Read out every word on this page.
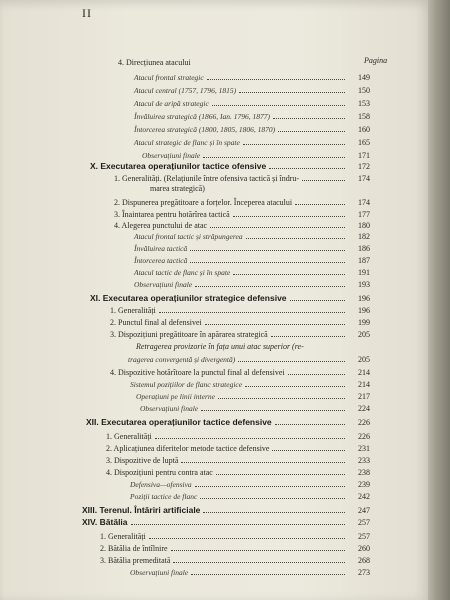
II
Pagina
4. Direcțiunea atacului
Atacul frontal strategic	149
Atacul central (1757, 1796, 1815)	150
Atacul de aripă strategic	153
Învăluirea strategică (1866, Ian. 1796, 1877)	158
Întorcerea strategică (1800, 1805, 1806, 1870)	160
Atacul strategic de flanc și în spate	165
Observațiuni finale	171
X. Executarea operațiunilor tactice ofensive	172
1. Generalități. (Relațiunile între ofensiva tactică și îndru-	174
marea strategică)
2. Dispunerea pregătitoare a forțelor. Începerea atacului	174
3. Înaintarea pentru hotărîrea tactică	177
4. Alegerea punctului de atac	180
Atacul frontal tactic și străpungerea	182
Învăluirea tactică	186
Întorcerea tactică	187
Atacul tactic de flanc și în spate	191
Observațiuni finale	193
XI. Executarea operațiunilor strategice defensive	196
1. Generalități	196
2. Punctul final al defensivei	199
3. Dispozițiuni pregătitoare în apărarea strategică	205
Retragerea provizorie în fața unui atac superior (re-
tragerea convergentă și divergentă)	205
4. Dispozitive hotărîtoare la punctul final al defensivei	214
Sistemul pozițiilor de flanc strategice	214
Operațiuni pe linii interne	217
Observațiuni finale	224
XII. Executarea operațiunilor tactice defensive	226
1. Generalități	226
2. Aplicațiunea diferitelor metode tactice defensive	231
3. Dispozitive de luptă	233
4. Dispozițiuni pentru contra atac	238
Defensiva—ofensiva	239
Poziții tactice de flanc	242
XIII. Terenul. Întăriri artificiale	247
XIV. Bătălia	257
1. Generalități	257
2. Bătălia de întîlnire	260
3. Bătălia premeditată	268
Observațiuni finale	273
